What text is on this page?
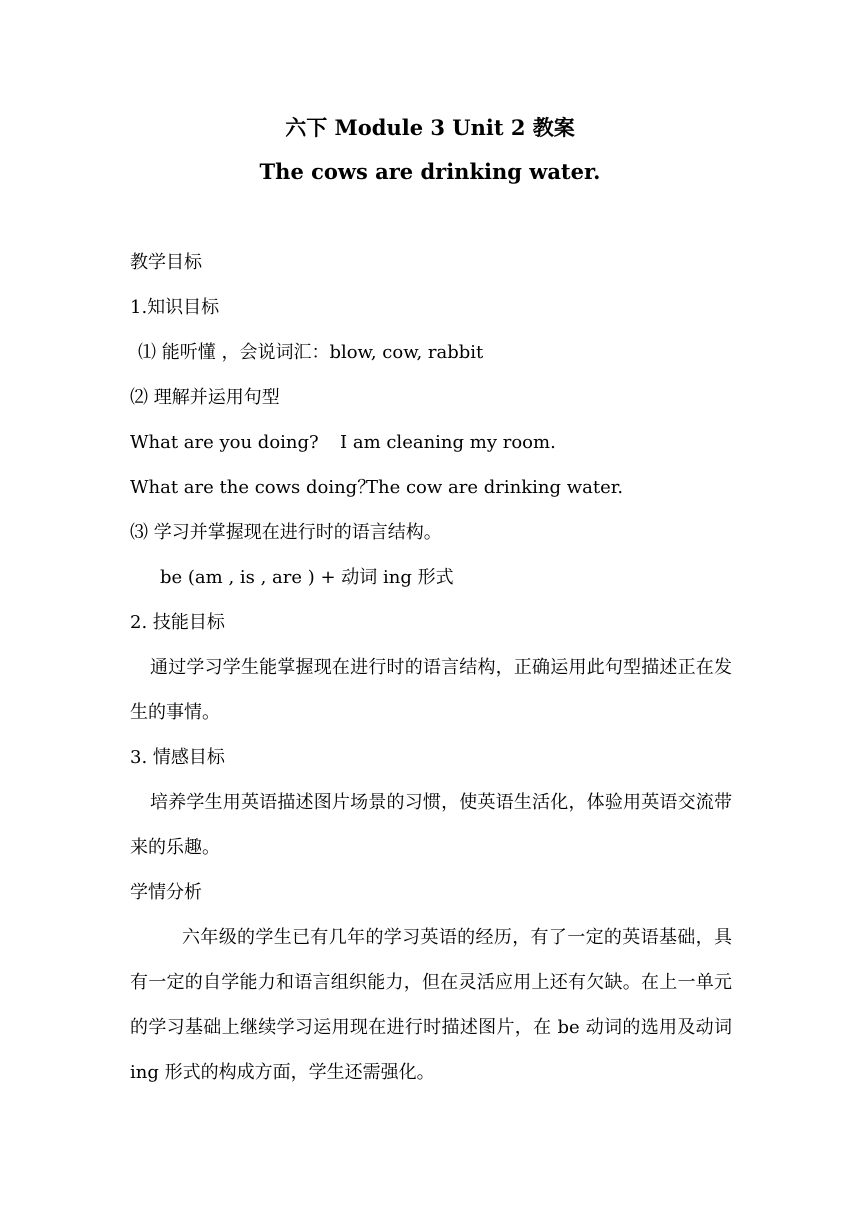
六下 Module 3 Unit 2 教案
The cows are drinking water.
教学目标
1.知识目标
⑴ 能听懂 ，会说词汇：blow, cow, rabbit
⑵ 理解并运用句型
What are you doing? I am cleaning my room.
What are the cows doing？
The cow are drinking water.
⑶ 学习并掌握现在进行时的语言结构。
be (am , is , are ) + 动词 ing 形式
2. 技能目标
通过学习学生能掌握现在进行时的语言结构，正确运用此句型描述正在发生的事情。
3. 情感目标
培养学生用英语描述图片场景的习惯，使英语生活化，体验用英语交流带来的乐趣。
学情分析
六年级的学生已有几年的学习英语的经历，有了一定的英语基础，具有一定的自学能力和语言组织能力，但在灵活应用上还有欠缺。在上一单元的学习基础上继续学习运用现在进行时描述图片，在 be 动词的选用及动词 ing 形式的构成方面，学生还需强化。
